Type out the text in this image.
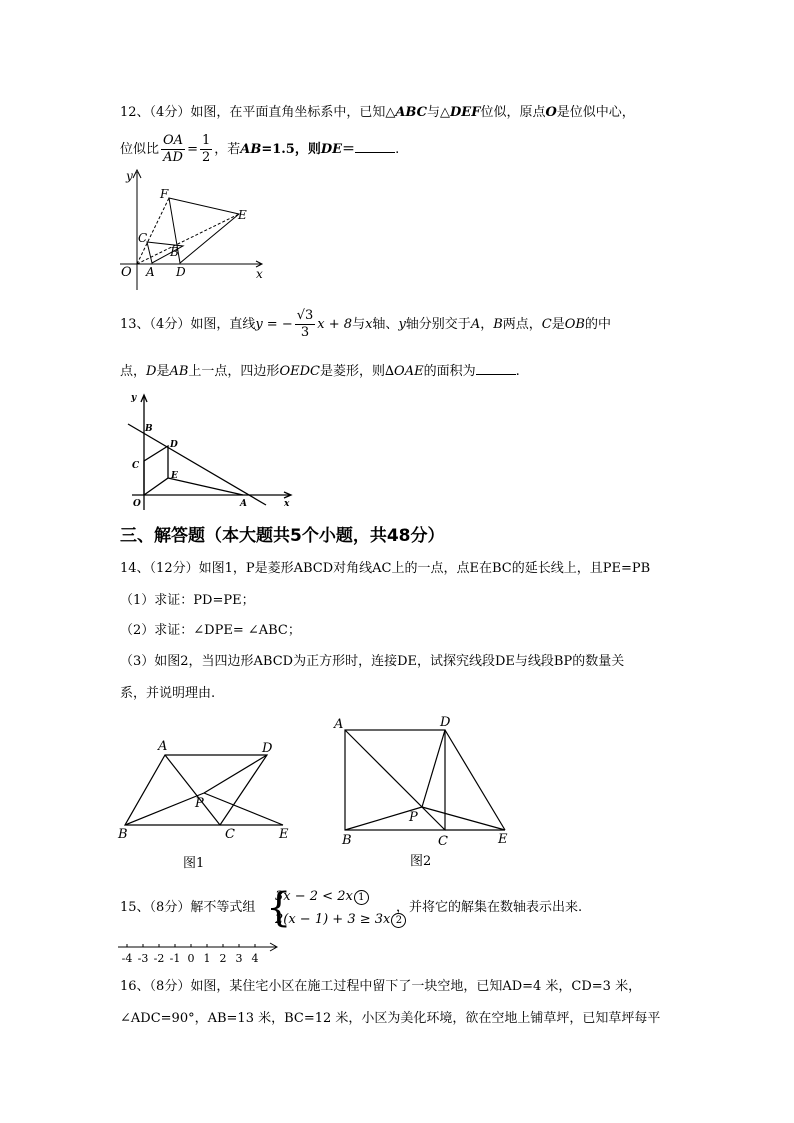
12、（4分）如图，在平面直角坐标系中，已知△ABC与△DEF位似，原点O是位似中心，
位似比 $\frac{OA}{AD} = \frac{1}{2}$ ，若AB=1.5，则DE＝	.
y
x
O A
B
C
D
E
F
13、（4分）如图，直线y = − $\frac{√3}{3}$ x + 8与x轴、y轴分别交于A，B两点，C是OB的中
点，D是AB上一点，四边形OEDC是菱形，则∆OAE的面积为	.
y
B
D
C
E
O	A	x
三、解答题（本大题共5个小题，共48分）
14、（12分）如图1，P是菱形ABCD对角线AC上的一点，点E在BC的延长线上，且PE=PB
（1）求证：PD=PE；
（2）求证：∠DPE= ∠ABC；
（3）如图2，当四边形ABCD为正方形时，连接DE，试探究线段DE与线段BP的数量关
系，并说明理由.
A	D
P
B	C	E
图1
A	D
P
B	C	E
图2
15、（8分）解不等式组 {
3x − 2 < 2x 1
2(x − 1) + 3 ≥ 3x 2
，并将它的解集在数轴表示出来.
-4 -3 -2 -1 0 1 2 3 4
16、（8分）如图，某住宅小区在施工过程中留下了一块空地，已知AD=4 米，CD=3 米，
∠ADC=90°，AB=13 米，BC=12 米，小区为美化环境，欲在空地上铺草坪，已知草坪每平
